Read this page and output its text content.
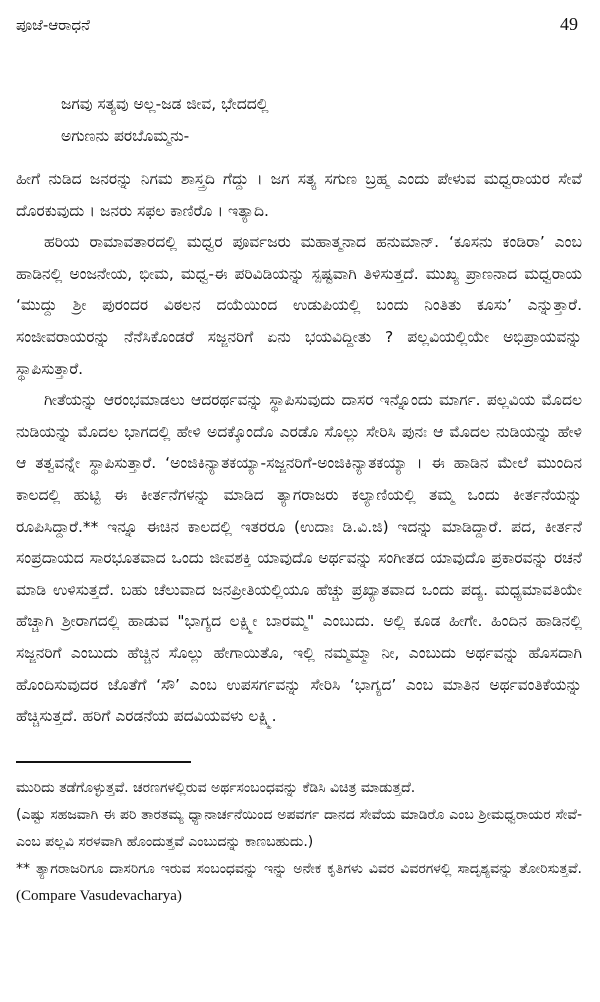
ಪೂಜೆ-ಆರಾಧನೆ	49
ಜಗವು ಸತ್ಯವು ಅಲ್ಲ-ಜಡ ಜೀವ, ಭೇದದಲ್ಲಿ
ಅಗುಣನು ಪರಬೊಮ್ಮನು-

ಹೀಗೆ ನುಡಿದ ಜನರನ್ನು ನಿಗಮ ಶಾಸ್ತ್ರದಿ ಗೆದ್ದು । ಜಗ ಸತ್ಯ ಸಗುಣ ಬ್ರಹ್ಮ ಎಂದು ಪೇಳುವ ಮಧ್ವರಾಯರ ಸೇವೆ ದೊರಕುವುದು । ಜನರು ಸಫಲ ಕಾಣಿರೊ । ಇತ್ಯಾದಿ.

ಹರಿಯ ರಾಮಾವತಾರದಲ್ಲಿ ಮಧ್ವರ ಪೂರ್ವಜರು ಮಹಾತ್ಮನಾದ ಹನುಮಾನ್. ‘ಕೂಸನು ಕಂಡಿರಾ’ ಎಂಬ ಹಾಡಿನಲ್ಲಿ ಅಂಜನೇಯ, ಭೀಮ, ಮಧ್ವ-ಈ ಪರಿವಿಡಿಯನ್ನು ಸ್ಪಷ್ಟವಾಗಿ ತಿಳಿಸುತ್ತದೆ. ಮುಖ್ಯ ಪ್ರಾಣನಾದ ಮಧ್ವರಾಯ ‘ಮುದ್ದು ಶ್ರೀ ಪುರಂದರ ವಿಠಲನ ದಯೆಯಿಂದ ಉಡುಪಿಯಲ್ಲಿ ಬಂದು ನಿಂತಿತು ಕೂಸು’ ಎನ್ನುತ್ತಾರೆ. ಸಂಜೀವರಾಯರನ್ನು ನೆನೆಸಿಕೊಂಡರೆ ಸಜ್ಜನರಿಗೆ ಏನು ಭಯವಿದ್ದೀತು ? ಪಲ್ಲವಿಯಲ್ಲಿಯೇ ಅಭಿಪ್ರಾಯವನ್ನು ಸ್ಥಾಪಿಸುತ್ತಾರೆ.

ಗೀತೆಯನ್ನು ಆರಂಭಮಾಡಲು ಆದರರ್ಥವನ್ನು ಸ್ಥಾಪಿಸುವುದು ದಾಸರ ಇನ್ನೊಂದು ಮಾರ್ಗ. ಪಲ್ಲವಿಯ ಮೊದಲ ನುಡಿಯನ್ನು ಮೊದಲ ಭಾಗದಲ್ಲಿ ಹೇಳಿ ಅದಕ್ಕೊಂದೊ ಎರಡೊ ಸೊಲ್ಲು ಸೇರಿಸಿ ಪುನಃ ಆ ಮೊದಲ ನುಡಿಯನ್ನು ಹೇಳಿ ಆ ತತ್ವವನ್ನೇ ಸ್ಥಾಪಿಸುತ್ತಾರೆ. ‘ಅಂಜಿಕಿನ್ಯಾತಕಯ್ಯಾ-ಸಜ್ಜನರಿಗೆ-ಅಂಜಿಕಿನ್ಯಾತಕಯ್ಯಾ । ಈ ಹಾಡಿನ ಮೇಲೆ ಮುಂದಿನ ಕಾಲದಲ್ಲಿ ಹುಟ್ಟಿ ಈ ಕೀರ್ತನೆಗಳನ್ನು ಮಾಡಿದ ತ್ಯಾಗರಾಜರು ಕಲ್ಯಾಣಿಯಲ್ಲಿ ತಮ್ಮ ಒಂದು ಕೀರ್ತನೆಯನ್ನು ರೂಪಿಸಿದ್ದಾರೆ.** ಇನ್ನೂ ಈಚಿನ ಕಾಲದಲ್ಲಿ ಇತರರೂ (ಉದಾಃ ಡಿ.ವಿ.ಜಿ) ಇದನ್ನು ಮಾಡಿದ್ದಾರೆ. ಪದ, ಕೀರ್ತನೆ ಸಂಪ್ರದಾಯದ ಸಾರಭೂತವಾದ ಒಂದು ಜೀವಶಕ್ತಿ ಯಾವುದೊ ಅರ್ಥವನ್ನು ಸಂಗೀತದ ಯಾವುದೊ ಪ್ರಕಾರವನ್ನು ರಚನೆ ಮಾಡಿ ಉಳಿಸುತ್ತದೆ. ಬಹು ಚೆಲುವಾದ ಜನಪ್ರೀತಿಯಲ್ಲಿಯೂ ಹೆಚ್ಚು ಪ್ರಖ್ಯಾತವಾದ ಒಂದು ಪದ್ಯ. ಮಧ್ಯಮಾವತಿಯೇ ಹೆಚ್ಚಾಗಿ ಶ್ರೀರಾಗದಲ್ಲಿ ಹಾಡುವ "ಭಾಗ್ಯದ ಲಕ್ಷ್ಮೀ ಬಾರಮ್ಮ" ಎಂಬುದು. ಅಲ್ಲಿ ಕೂಡ ಹೀಗೇ. ಹಿಂದಿನ ಹಾಡಿನಲ್ಲಿ ಸಜ್ಜನರಿಗೆ ಎಂಬುದು ಹೆಚ್ಚಿನ ಸೊಲ್ಲು ಹೇಗಾಯಿತೊ, ಇಲ್ಲಿ ನಮ್ಮಮ್ಮಾ ನೀ, ಎಂಬುದು ಅರ್ಥವನ್ನು ಹೊಸದಾಗಿ ಹೊಂದಿಸುವುದರ ಜೊತೆಗೆ ‘ಸೌ’ ಎಂಬ ಉಪಸರ್ಗವನ್ನು ಸೇರಿಸಿ ‘ಭಾಗ್ಯದ’ ಎಂಬ ಮಾತಿನ ಅರ್ಥವಂತಿಕೆಯನ್ನು ಹೆಚ್ಚಿಸುತ್ತದೆ. ಹರಿಗೆ ಎರಡನೆಯ ಪದವಿಯವಳು ಲಕ್ಷ್ಮಿ.

ಮುರಿದು ತಡೆಗೊಳ್ಳುತ್ತವೆ. ಚರಣಗಳಲ್ಲಿರುವ ಅರ್ಥಸಂಬಂಧವನ್ನು ಕೆಡಿಸಿ ವಿಚಿತ್ರ ಮಾಡುತ್ತದೆ.

(ಎಷ್ಟು ಸಹಜವಾಗಿ ಈ ಪರಿ ತಾರತಮ್ಯ ಧ್ಯಾನಾರ್ಚನೆಯಿಂದ ಅಪವರ್ಗ ದಾನದ ಸೇವೆಯ ಮಾಡಿರೊ ಎಂಬ ಶ್ರೀಮಧ್ವರಾಯರ ಸೇವೆ-ಎಂಬ ಪಲ್ಲವಿ ಸರಳವಾಗಿ ಹೊಂದುತ್ತವೆ ಎಂಬುದನ್ನು ಕಾಣಬಹುದು.)

** ತ್ಯಾಗರಾಜರಿಗೂ ದಾಸರಿಗೂ ಇರುವ ಸಂಬಂಧವನ್ನು ಇನ್ನು ಅನೇಕ ಕೃತಿಗಳು ವಿವರ ವಿವರಗಳಲ್ಲಿ ಸಾದೃಶ್ಯವನ್ನು ತೋರಿಸುತ್ತವೆ. (Compare Vasudevacharya)
